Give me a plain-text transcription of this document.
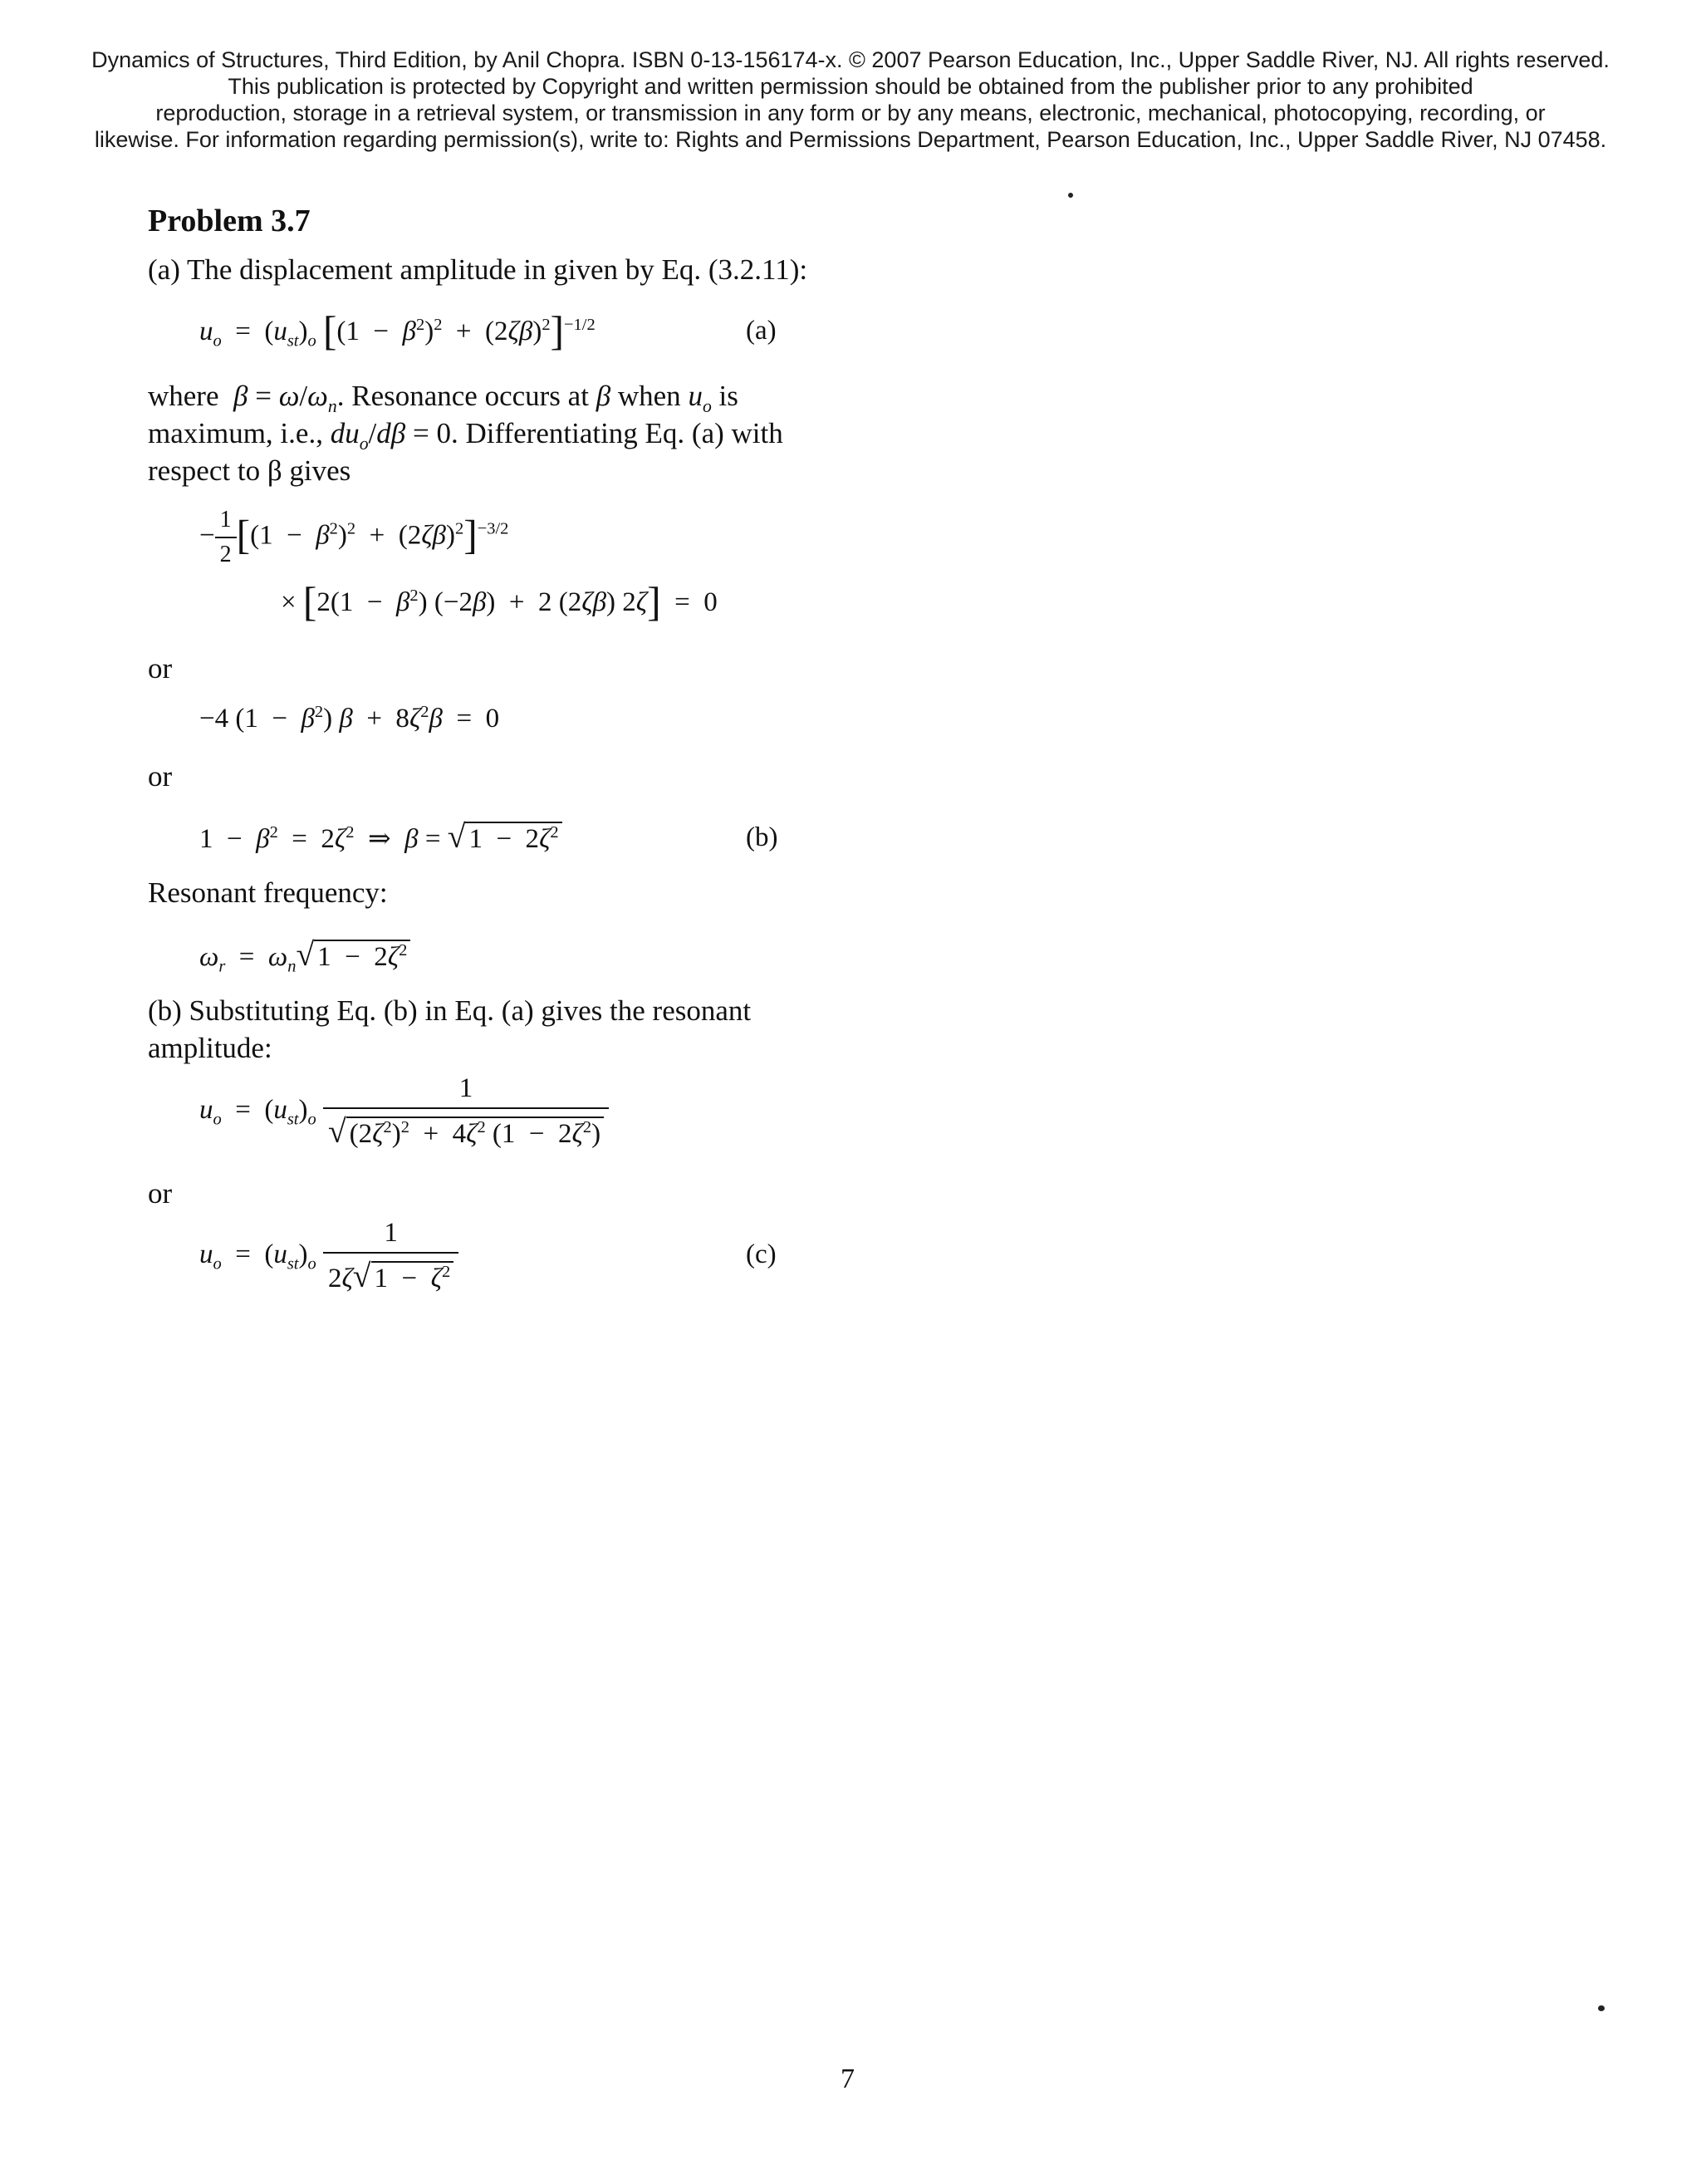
Dynamics of Structures, Third Edition, by Anil Chopra. ISBN 0-13-156174-x. © 2007 Pearson Education, Inc., Upper Saddle River, NJ. All rights reserved.
This publication is protected by Copyright and written permission should be obtained from the publisher prior to any prohibited
reproduction, storage in a retrieval system, or transmission in any form or by any means, electronic, mechanical, photocopying, recording, or
likewise. For information regarding permission(s), write to: Rights and Permissions Department, Pearson Education, Inc., Upper Saddle River, NJ 07458.
Problem 3.7
(a) The displacement amplitude in given by Eq. (3.2.11):
$u_o = (u_{st})_o$ $[(1 - \beta^2)^2 + (2\zeta\beta)^2]^{-1/2}$	(a)
where  $\beta = \omega/\omega_n$. Resonance occurs at β when $u_o$ is
maximum, i.e., $du_o/d\beta = 0$. Differentiating Eq. (a) with
respect to β gives
− $\frac{1}{2} [(1 - \beta^2)^2 + (2\zeta\beta)^2]^{-3/2}$
× [$2(1 - \beta^2)$ (−2β)  +  2 (2ζβ) 2ζ]  =  0
or
−4 $(1 - \beta^2)$ $\beta + 8\zeta^2\beta = 0$
or
$1 - \beta^2 = 2\zeta^2$  ⇒  β = √ $1 - 2\zeta^2$	(b)
Resonant frequency:
$\omega_r = \omega_n√$ $1 - 2\zeta^2$
(b) Substituting Eq. (b) in Eq. (a) gives the resonant
amplitude:
$u_o = (u_{st})_o \frac{1}{√ (2\zeta^2)^2 + 4\zeta^2 (1 - 2\zeta^2)}$
or
$u_o = (u_{st})_o \frac{1}{2\zeta√ 1 - \zeta^2}$	(c)
7
